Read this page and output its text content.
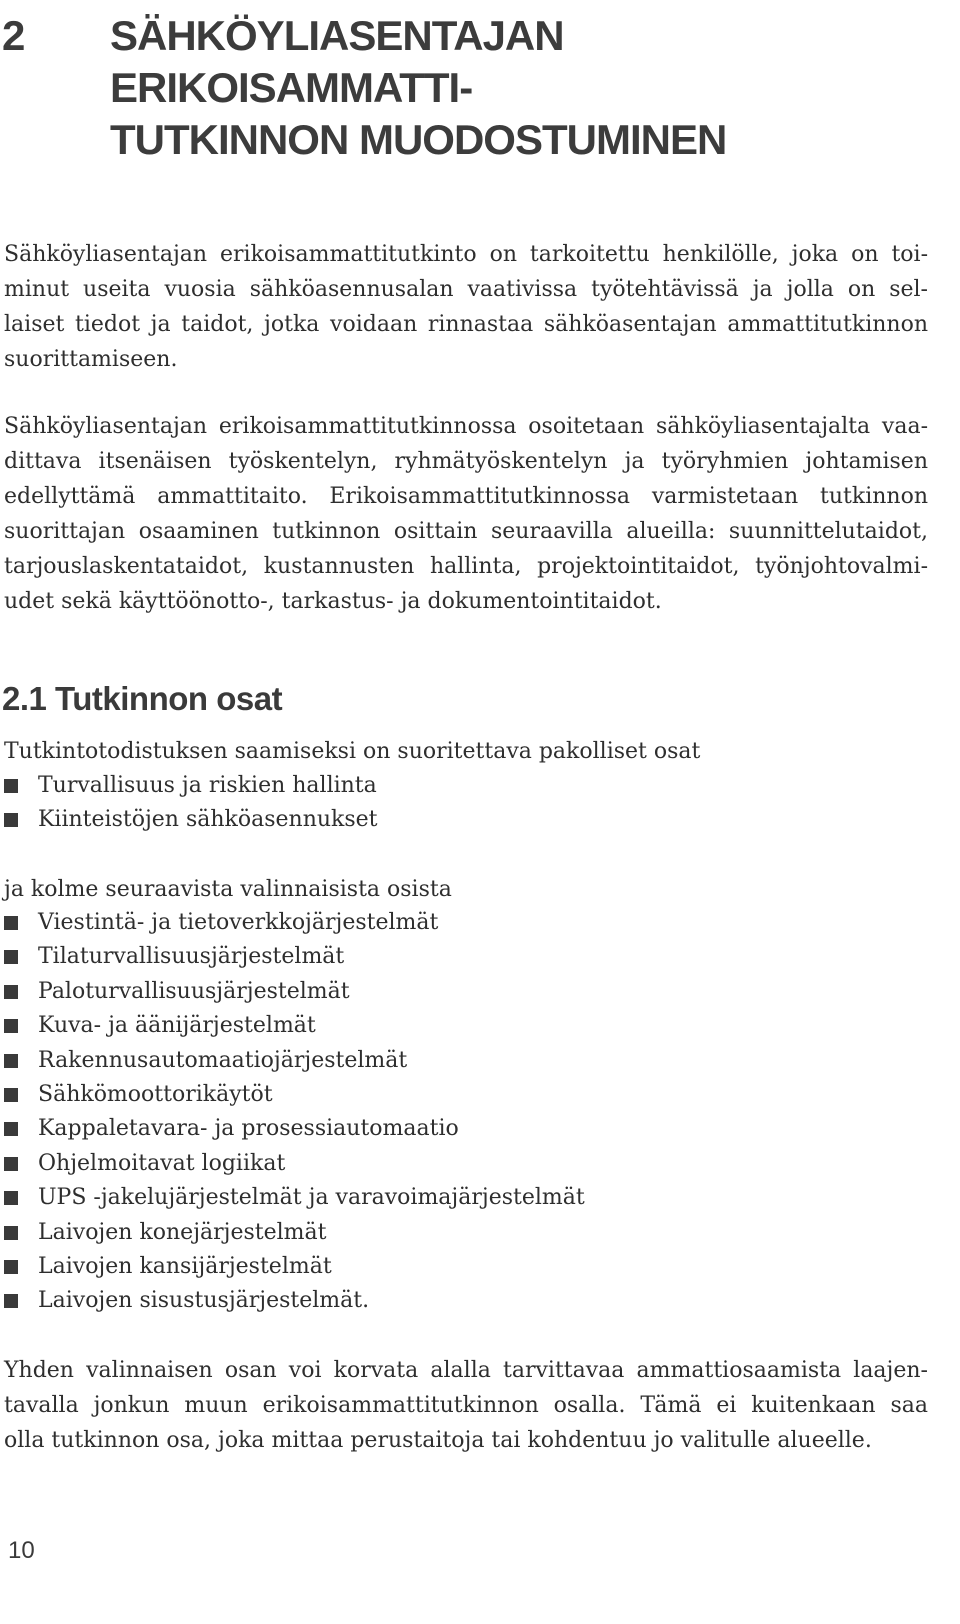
2 SÄHKÖYLIASENTAJAN ERIKOISAMMATTI-
TUTKINNON MUODOSTUMINEN

Sähköyliasentajan erikoisammattitutkinto on tarkoitettu henkilölle, joka on toi-
minut useita vuosia sähköasennusalan vaativissa työtehtävissä ja jolla on sel-
laiset tiedot ja taidot, jotka voidaan rinnastaa sähköasentajan ammattitutkinnon
suorittamiseen.

Sähköyliasentajan erikoisammattitutkinnossa osoitetaan sähköyliasentajalta vaa-
dittava itsenäisen työskentelyn, ryhmätyöskentelyn ja työryhmien johtamisen
edellyttämä ammattitaito. Erikoisammattitutkinnossa varmistetaan tutkinnon
suorittajan osaaminen tutkinnon osittain seuraavilla alueilla: suunnittelutaidot,
tarjouslaskentataidot, kustannusten hallinta, projektointitaidot, työnjohtovalmi-
udet sekä käyttöönotto-, tarkastus- ja dokumentointitaidot.

2.1 Tutkinnon osat
Tutkintotodistuksen saamiseksi on suoritettava pakolliset osat
Turvallisuus ja riskien hallinta
Kiinteistöjen sähköasennukset
ja kolme seuraavista valinnaisista osista
Viestintä- ja tietoverkkojärjestelmät
Tilaturvallisuusjärjestelmät
Paloturvallisuusjärjestelmät
Kuva- ja äänijärjestelmät
Rakennusautomaatiojärjestelmät
Sähkömoottorikäytöt
Kappaletavara- ja prosessiautomaatio
Ohjelmoitavat logiikat
UPS -jakelujärjestelmät ja varavoimajärjestelmät
Laivojen konejärjestelmät
Laivojen kansijärjestelmät
Laivojen sisustusjärjestelmät.

Yhden valinnaisen osan voi korvata alalla tarvittavaa ammattiosaamista laajen-
tavalla jonkun muun erikoisammattitutkinnon osalla. Tämä ei kuitenkaan saa
olla tutkinnon osa, joka mittaa perustaitoja tai kohdentuu jo valitulle alueelle.

10
